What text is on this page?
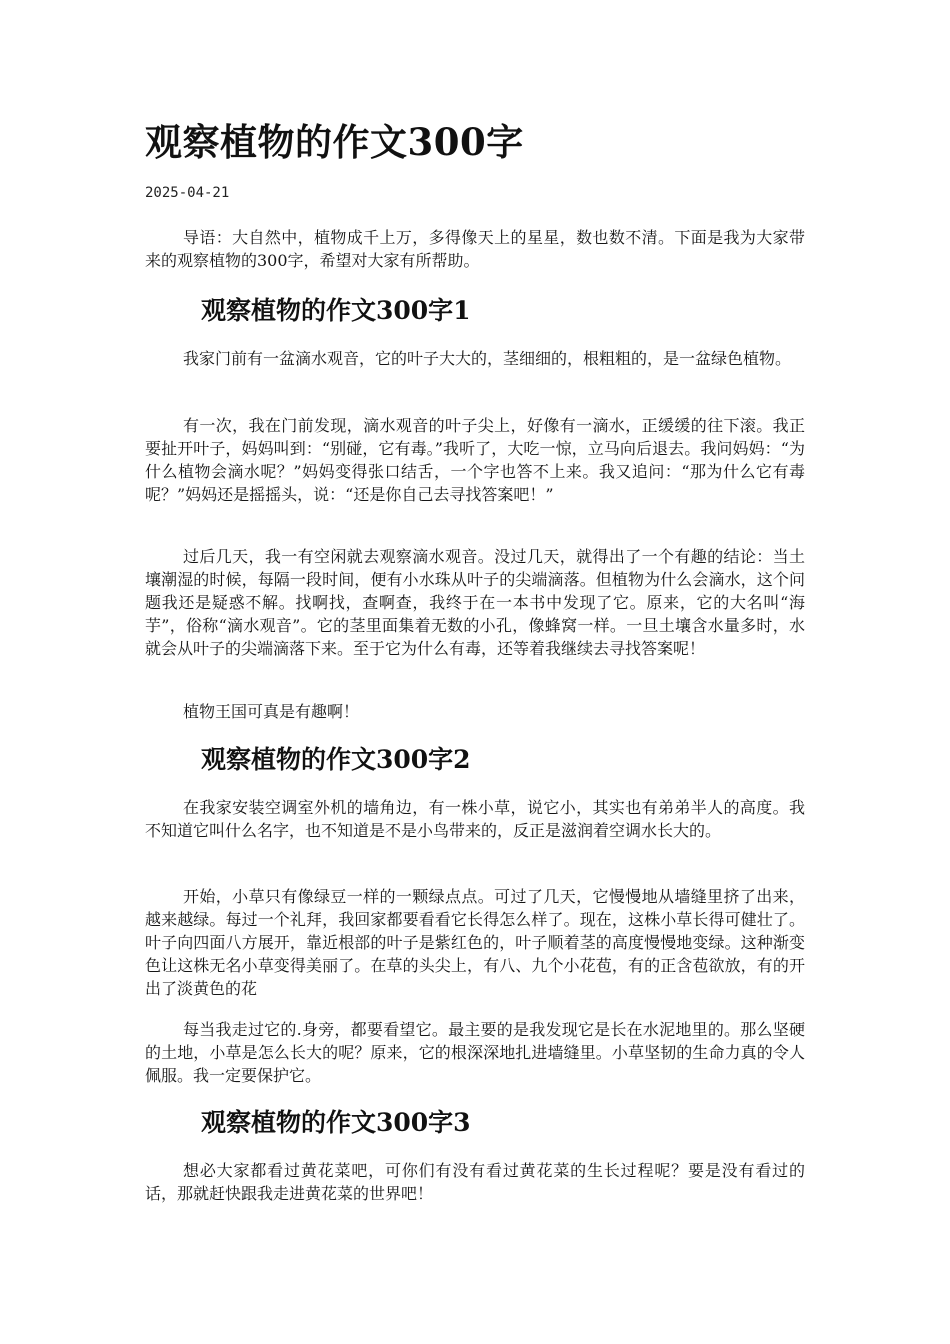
观察植物的作文300字
2025-04-21

导语：大自然中，植物成千上万，多得像天上的星星，数也数不清。下面是我为大家带来的观察植物的300字，希望对大家有所帮助。

观察植物的作文300字1

我家门前有一盆滴水观音，它的叶子大大的，茎细细的，根粗粗的，是一盆绿色植物。

有一次，我在门前发现，滴水观音的叶子尖上，好像有一滴水，正缓缓的往下滚。我正要扯开叶子，妈妈叫到：“别碰，它有毒。”我听了，大吃一惊，立马向后退去。我问妈妈：“为什么植物会滴水呢？”妈妈变得张口结舌，一个字也答不上来。我又追问：“那为什么它有毒呢？”妈妈还是摇摇头，说：“还是你自己去寻找答案吧！”

过后几天，我一有空闲就去观察滴水观音。没过几天，就得出了一个有趣的结论：当土壤潮湿的时候，每隔一段时间，便有小水珠从叶子的尖端滴落。但植物为什么会滴水，这个问题我还是疑惑不解。找啊找，查啊查，我终于在一本书中发现了它。原来，它的大名叫“海芋”，俗称“滴水观音”。它的茎里面集着无数的小孔，像蜂窝一样。一旦土壤含水量多时，水就会从叶子的尖端滴落下来。至于它为什么有毒，还等着我继续去寻找答案呢！

植物王国可真是有趣啊！

观察植物的作文300字2

在我家安装空调室外机的墙角边，有一株小草，说它小，其实也有弟弟半人的高度。我不知道它叫什么名字，也不知道是不是小鸟带来的，反正是滋润着空调水长大的。

开始，小草只有像绿豆一样的一颗绿点点。可过了几天，它慢慢地从墙缝里挤了出来，越来越绿。每过一个礼拜，我回家都要看看它长得怎么样了。现在，这株小草长得可健壮了。叶子向四面八方展开，靠近根部的叶子是紫红色的，叶子顺着茎的高度慢慢地变绿。这种渐变色让这株无名小草变得美丽了。在草的头尖上，有八、九个小花苞，有的正含苞欲放，有的开出了淡黄色的花

每当我走过它的.身旁，都要看望它。最主要的是我发现它是长在水泥地里的。那么坚硬的土地，小草是怎么长大的呢？原来，它的根深深地扎进墙缝里。小草坚韧的生命力真的令人佩服。我一定要保护它。

观察植物的作文300字3

想必大家都看过黄花菜吧，可你们有没有看过黄花菜的生长过程呢？要是没有看过的话，那就赶快跟我走进黄花菜的世界吧！
